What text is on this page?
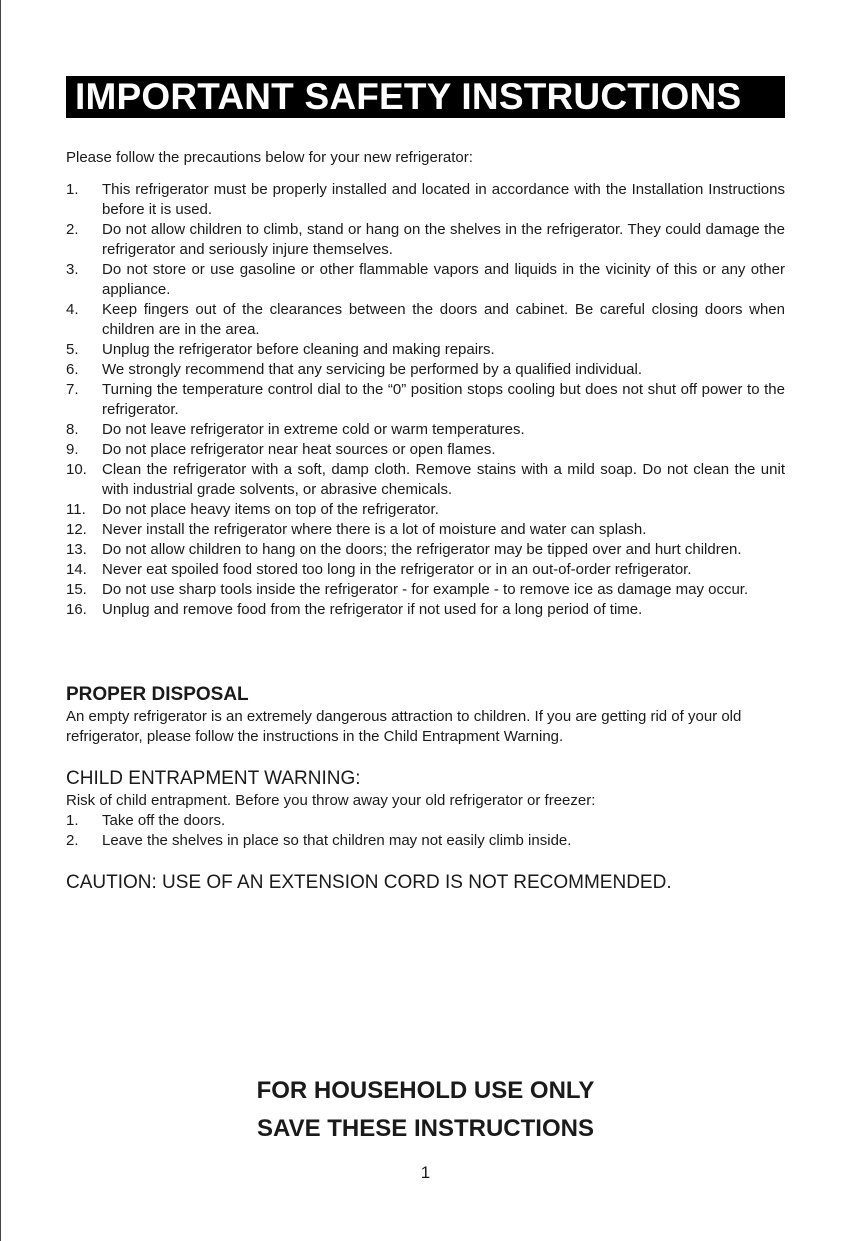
IMPORTANT SAFETY INSTRUCTIONS
Please follow the precautions below for your new refrigerator:
1. This refrigerator must be properly installed and located in accordance with the Installation Instructions before it is used.
2. Do not allow children to climb, stand or hang on the shelves in the refrigerator. They could damage the refrigerator and seriously injure themselves.
3. Do not store or use gasoline or other flammable vapors and liquids in the vicinity of this or any other appliance.
4. Keep fingers out of the clearances between the doors and cabinet. Be careful closing doors when children are in the area.
5. Unplug the refrigerator before cleaning and making repairs.
6. We strongly recommend that any servicing be performed by a qualified individual.
7. Turning the temperature control dial to the “0” position stops cooling but does not shut off power to the refrigerator.
8. Do not leave refrigerator in extreme cold or warm temperatures.
9. Do not place refrigerator near heat sources or open flames.
10. Clean the refrigerator with a soft, damp cloth. Remove stains with a mild soap. Do not clean the unit with industrial grade solvents, or abrasive chemicals.
11. Do not place heavy items on top of the refrigerator.
12. Never install the refrigerator where there is a lot of moisture and water can splash.
13. Do not allow children to hang on the doors; the refrigerator may be tipped over and hurt children.
14. Never eat spoiled food stored too long in the refrigerator or in an out-of-order refrigerator.
15. Do not use sharp tools inside the refrigerator - for example - to remove ice as damage may occur.
16. Unplug and remove food from the refrigerator if not used for a long period of time.
PROPER DISPOSAL
An empty refrigerator is an extremely dangerous attraction to children. If you are getting rid of your old refrigerator, please follow the instructions in the Child Entrapment Warning.
CHILD ENTRAPMENT WARNING:
Risk of child entrapment. Before you throw away your old refrigerator or freezer:
1. Take off the doors.
2. Leave the shelves in place so that children may not easily climb inside.
CAUTION: USE OF AN EXTENSION CORD IS NOT RECOMMENDED.
FOR HOUSEHOLD USE ONLY
SAVE THESE INSTRUCTIONS
1
